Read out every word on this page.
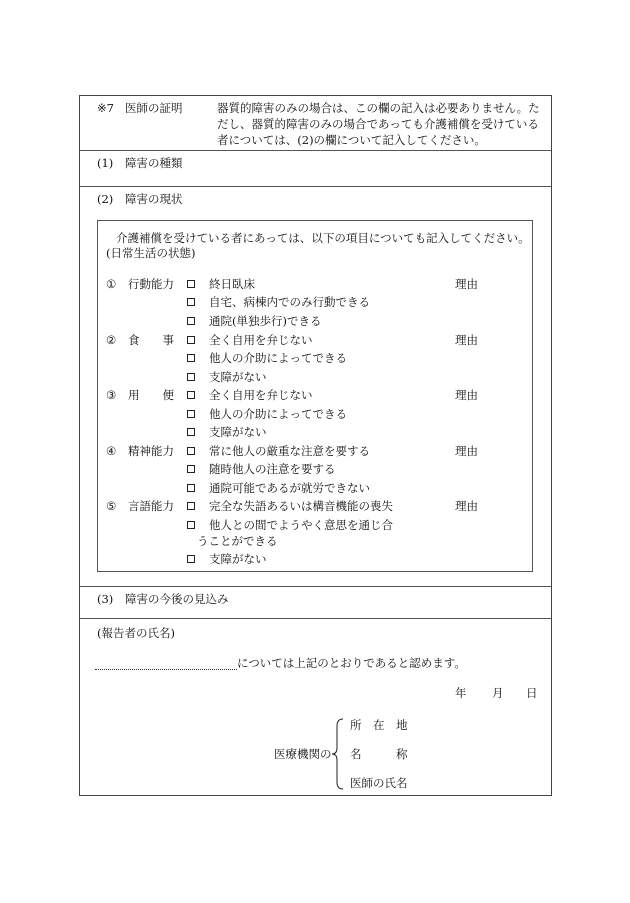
※7 医師の証明	器質的障害のみの場合は、この欄の記入は必要ありません。た
だし、器質的障害のみの場合であっても介護補償を受けている
者については、(2)の欄について記入してください。
(1) 障害の種類
(2) 障害の現状
介護補償を受けている者にあっては、以下の項目についても記入してください。
(日常生活の状態)
① 行動能力	終日臥床	理由
自宅、病棟内でのみ行動できる
通院(単独歩行)できる
② 食　　事	全く自用を弁じない	理由
他人の介助によってできる
支障がない
③ 用　　便	全く自用を弁じない	理由
他人の介助によってできる
支障がない
④ 精神能力	常に他人の厳重な注意を要する	理由
随時他人の注意を要する
通院可能であるが就労できない
⑤ 言語能力	完全な失語あるいは構音機能の喪失	理由
他人との間でようやく意思を通じ合
うことができる
支障がない
(3) 障害の今後の見込み
(報告者の氏名)
については上記のとおりであると認めます。
年 月 日
医療機関の
所　在　地
名　　　称
医師の氏名
